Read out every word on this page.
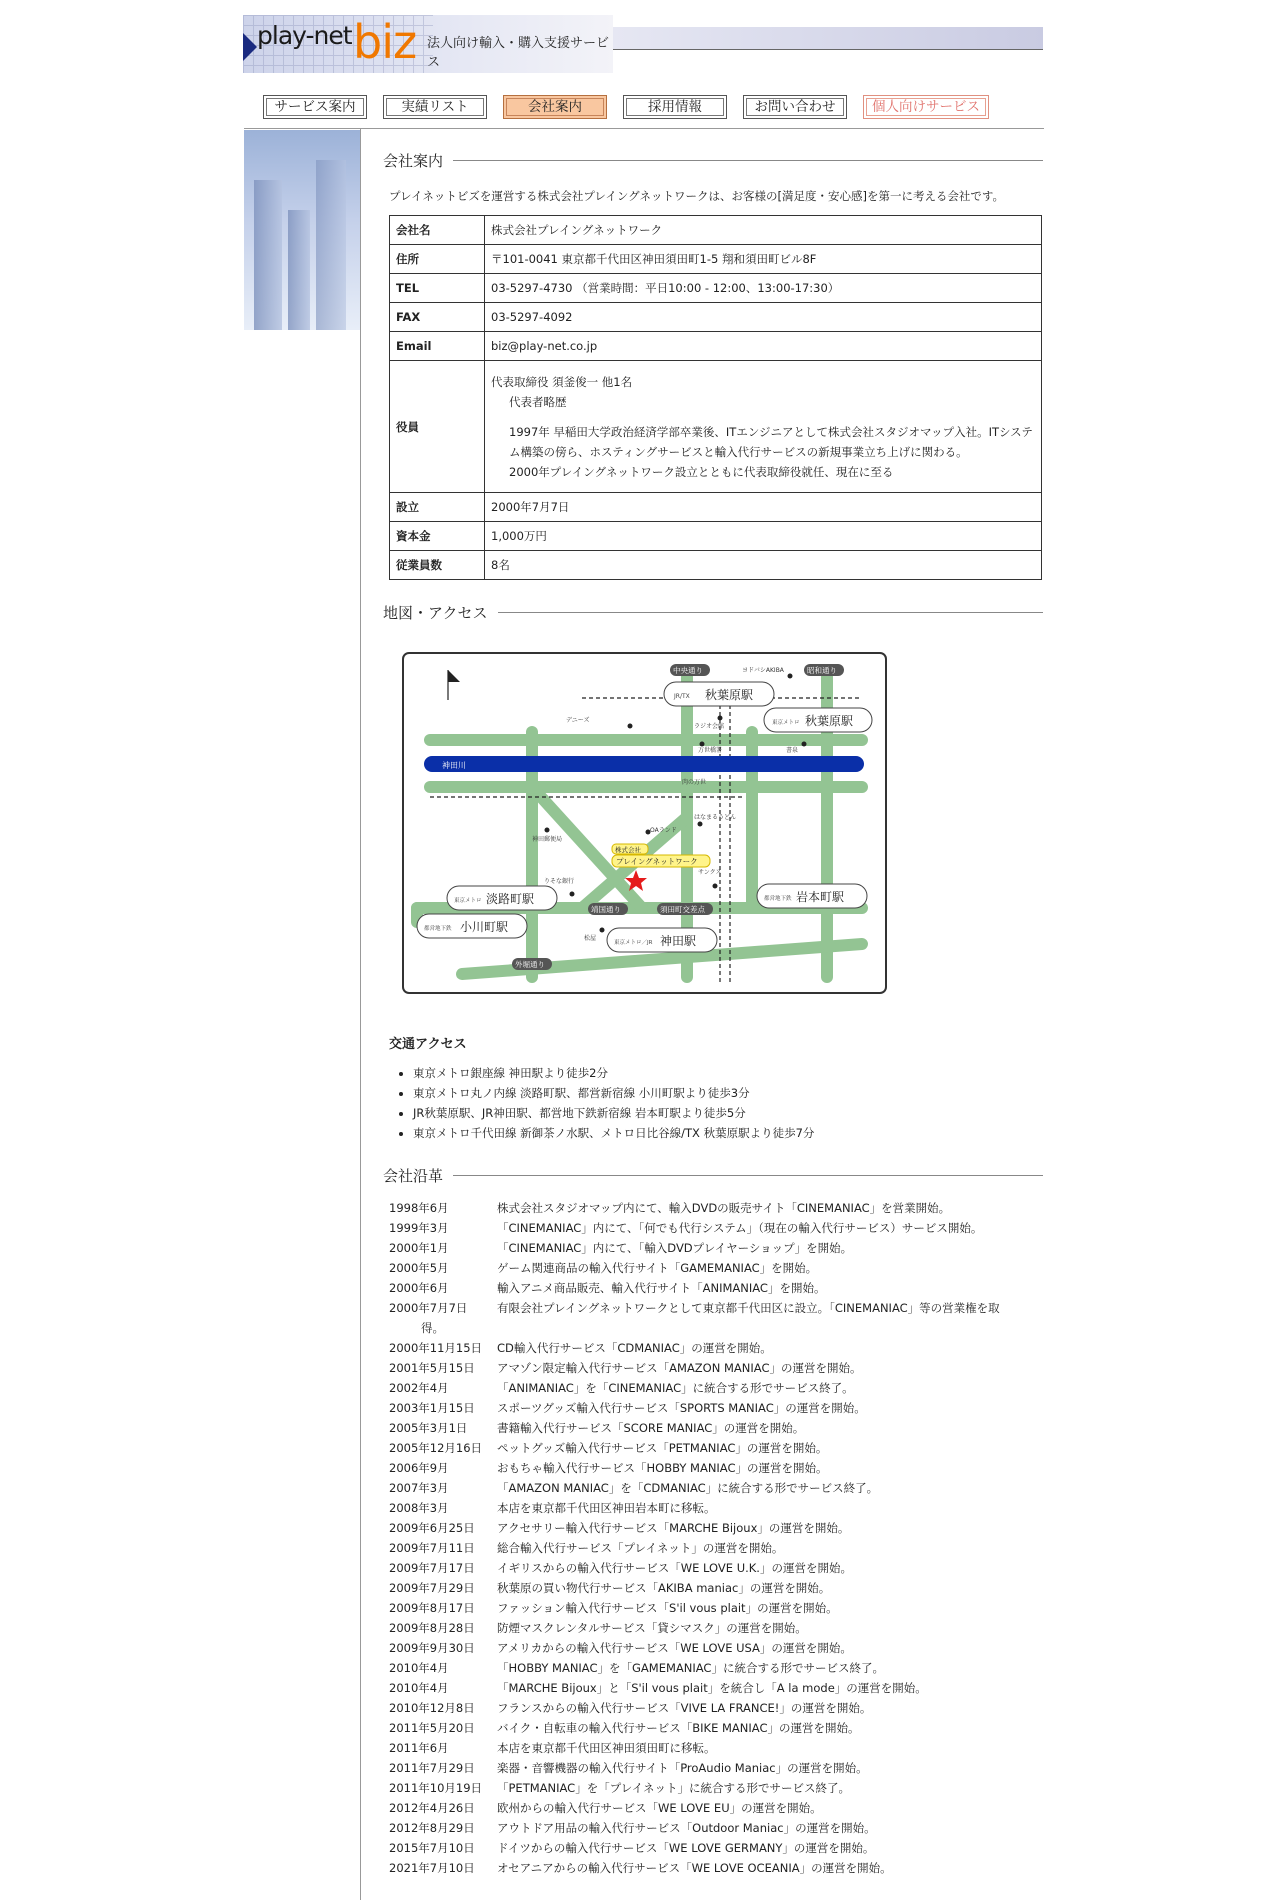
play-net biz 法人向け輸入・購入支援サービス
サービス案内	実績リスト	会社案内	採用情報	お問い合わせ	個人向けサービス
会社案内
プレイネットビズを運営する株式会社プレイングネットワークは、お客様の[満足度・安心感]を第一に考える会社です。
会社名	株式会社プレイングネットワーク
住所	〒101-0041 東京都千代田区神田須田町1-5 翔和須田町ビル8F
TEL	03-5297-4730 （営業時間：平日10:00 - 12:00、13:00-17:30）
FAX	03-5297-4092
Email	biz@play-net.co.jp
役員	代表取締役 須釜俊一 他1名
代表者略歴
1997年 早稲田大学政治経済学部卒業後、ITエンジニアとして株式会社スタジオマップ入社。ITシステム構築の傍ら、ホスティングサービスと輸入代行サービスの新規事業立ち上げに関わる。
2000年プレイングネットワーク設立とともに代表取締役就任、現在に至る

設立	2000年7月7日
資本金	1,000万円
従業員数	8名
地図・アクセス
神田川
JR/TX 秋葉原駅
東京メトロ 秋葉原駅
東京メトロ 淡路町駅
都営地下鉄 小川町駅
都営地下鉄 岩本町駅
東京メトロ／JR 神田駅
中央通り	昭和通り
靖国通り	須田町交差点
外堀通り
ヨドバシAKIBA
デニーズ
ラジオ会館
万世橋署	書泉
肉の万世
はなまるうどん
OAランド
神田郵便局
りそな銀行
サンクス
松屋
株式会社
プレイングネットワーク
交通アクセス
• 東京メトロ銀座線 神田駅より徒歩2分
• 東京メトロ丸ノ内線 淡路町駅、都営新宿線 小川町駅より徒歩3分
• JR秋葉原駅、JR神田駅、都営地下鉄新宿線 岩本町駅より徒歩5分
• 東京メトロ千代田線 新御茶ノ水駅、メトロ日比谷線/TX 秋葉原駅より徒歩7分
会社沿革
1998年6月	株式会社スタジオマップ内にて、輸入DVDの販売サイト「CINEMANIAC」を営業開始。
1999年3月	「CINEMANIAC」内にて、「何でも代行システム」（現在の輸入代行サービス）サービス開始。
2000年1月	「CINEMANIAC」内にて、「輸入DVDプレイヤーショップ」を開始。
2000年5月	ゲーム関連商品の輸入代行サイト「GAMEMANIAC」を開始。
2000年6月	輸入アニメ商品販売、輸入代行サイト「ANIMANIAC」を開始。
2000年7月7日	有限会社プレイングネットワークとして東京都千代田区に設立。「CINEMANIAC」等の営業権を取
得。
2000年11月15日	CD輸入代行サービス「CDMANIAC」の運営を開始。
2001年5月15日	アマゾン限定輸入代行サービス「AMAZON MANIAC」の運営を開始。
2002年4月	「ANIMANIAC」を「CINEMANIAC」に統合する形でサービス終了。
2003年1月15日	スポーツグッズ輸入代行サービス「SPORTS MANIAC」の運営を開始。
2005年3月1日	書籍輸入代行サービス「SCORE MANIAC」の運営を開始。
2005年12月16日	ペットグッズ輸入代行サービス「PETMANIAC」の運営を開始。
2006年9月	おもちゃ輸入代行サービス「HOBBY MANIAC」の運営を開始。
2007年3月	「AMAZON MANIAC」を「CDMANIAC」に統合する形でサービス終了。
2008年3月	本店を東京都千代田区神田岩本町に移転。
2009年6月25日	アクセサリー輸入代行サービス「MARCHE Bijoux」の運営を開始。
2009年7月11日	総合輸入代行サービス「プレイネット」の運営を開始。
2009年7月17日	イギリスからの輸入代行サービス「WE LOVE U.K.」の運営を開始。
2009年7月29日	秋葉原の買い物代行サービス「AKIBA maniac」の運営を開始。
2009年8月17日	ファッション輸入代行サービス「S'il vous plait」の運営を開始。
2009年8月28日	防煙マスクレンタルサービス「貸シマスク」の運営を開始。
2009年9月30日	アメリカからの輸入代行サービス「WE LOVE USA」の運営を開始。
2010年4月	「HOBBY MANIAC」を「GAMEMANIAC」に統合する形でサービス終了。
2010年4月	「MARCHE Bijoux」と「S'il vous plait」を統合し「A la mode」の運営を開始。
2010年12月8日	フランスからの輸入代行サービス「VIVE LA FRANCE!」の運営を開始。
2011年5月20日	バイク・自転車の輸入代行サービス「BIKE MANIAC」の運営を開始。
2011年6月	本店を東京都千代田区神田須田町に移転。
2011年7月29日	楽器・音響機器の輸入代行サイト「ProAudio Maniac」の運営を開始。
2011年10月19日	「PETMANIAC」を「プレイネット」に統合する形でサービス終了。
2012年4月26日	欧州からの輸入代行サービス「WE LOVE EU」の運営を開始。
2012年8月29日	アウトドア用品の輸入代行サービス「Outdoor Maniac」の運営を開始。
2015年7月10日	ドイツからの輸入代行サービス「WE LOVE GERMANY」の運営を開始。
2021年7月10日	オセアニアからの輸入代行サービス「WE LOVE OCEANIA」の運営を開始。
